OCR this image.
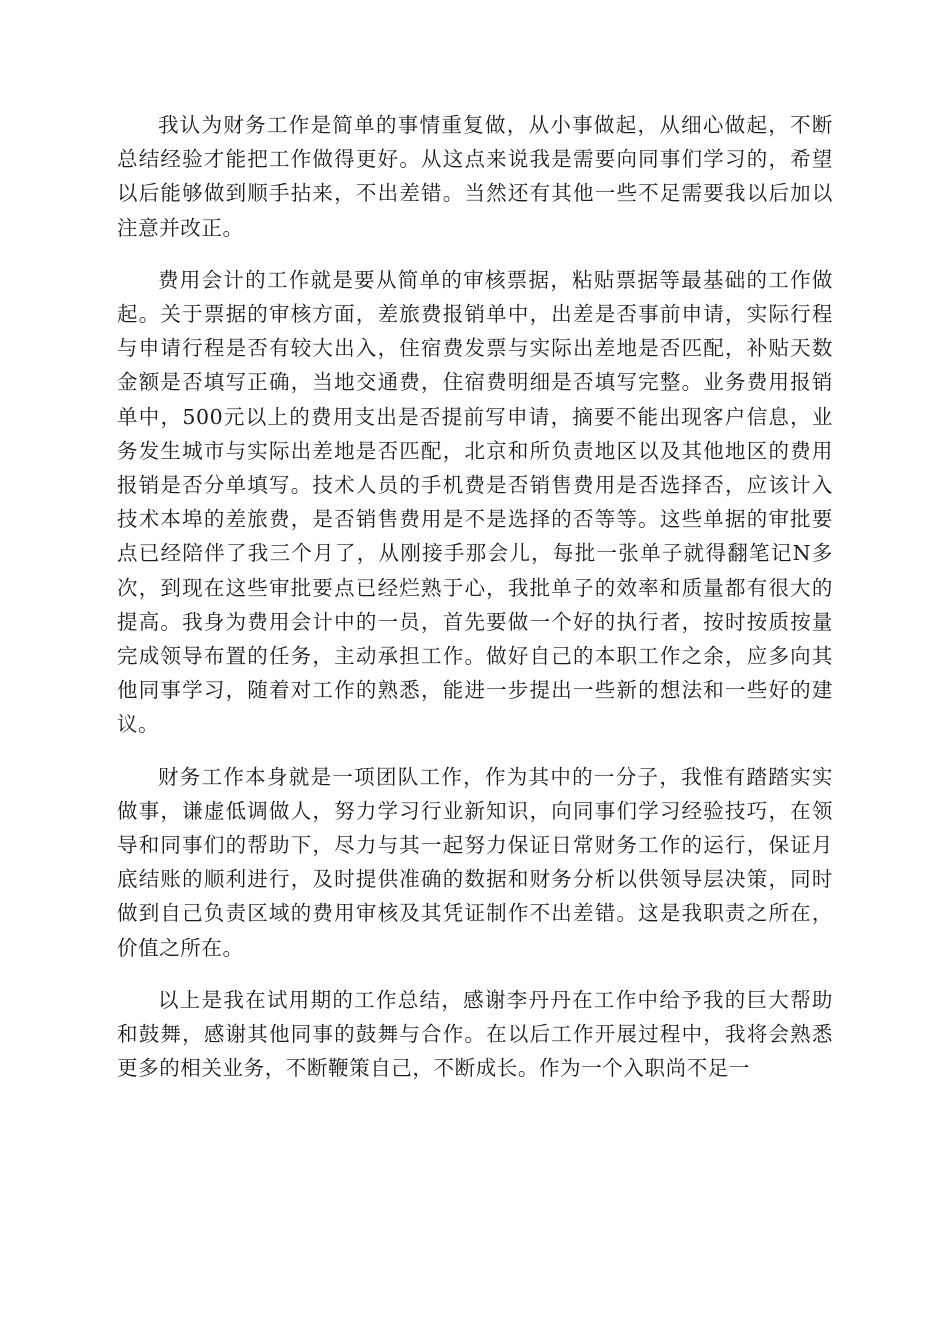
我认为财务工作是简单的事情重复做，从小事做起，从细心做起，不断总结经验才能把工作做得更好。从这点来说我是需要向同事们学习的，希望以后能够做到顺手拈来，不出差错。当然还有其他一些不足需要我以后加以注意并改正。

费用会计的工作就是要从简单的审核票据，粘贴票据等最基础的工作做起。关于票据的审核方面，差旅费报销单中，出差是否事前申请，实际行程与申请行程是否有较大出入，住宿费发票与实际出差地是否匹配，补贴天数金额是否填写正确，当地交通费，住宿费明细是否填写完整。业务费用报销单中，500元以上的费用支出是否提前写申请，摘要不能出现客户信息，业务发生城市与实际出差地是否匹配，北京和所负责地区以及其他地区的费用报销是否分单填写。技术人员的手机费是否销售费用是否选择否，应该计入技术本埠的差旅费，是否销售费用是不是选择的否等等。这些单据的审批要点已经陪伴了我三个月了，从刚接手那会儿，每批一张单子就得翻笔记N多次，到现在这些审批要点已经烂熟于心，我批单子的效率和质量都有很大的提高。我身为费用会计中的一员，首先要做一个好的执行者，按时按质按量完成领导布置的任务，主动承担工作。做好自己的本职工作之余，应多向其他同事学习，随着对工作的熟悉，能进一步提出一些新的想法和一些好的建议。

财务工作本身就是一项团队工作，作为其中的一分子，我惟有踏踏实实做事，谦虚低调做人，努力学习行业新知识，向同事们学习经验技巧，在领导和同事们的帮助下，尽力与其一起努力保证日常财务工作的运行，保证月底结账的顺利进行，及时提供准确的数据和财务分析以供领导层决策，同时做到自己负责区域的费用审核及其凭证制作不出差错。这是我职责之所在，价值之所在。

以上是我在试用期的工作总结，感谢李丹丹在工作中给予我的巨大帮助和鼓舞，感谢其他同事的鼓舞与合作。在以后工作开展过程中，我将会熟悉更多的相关业务，不断鞭策自己，不断成长。作为一个入职尚不足一
